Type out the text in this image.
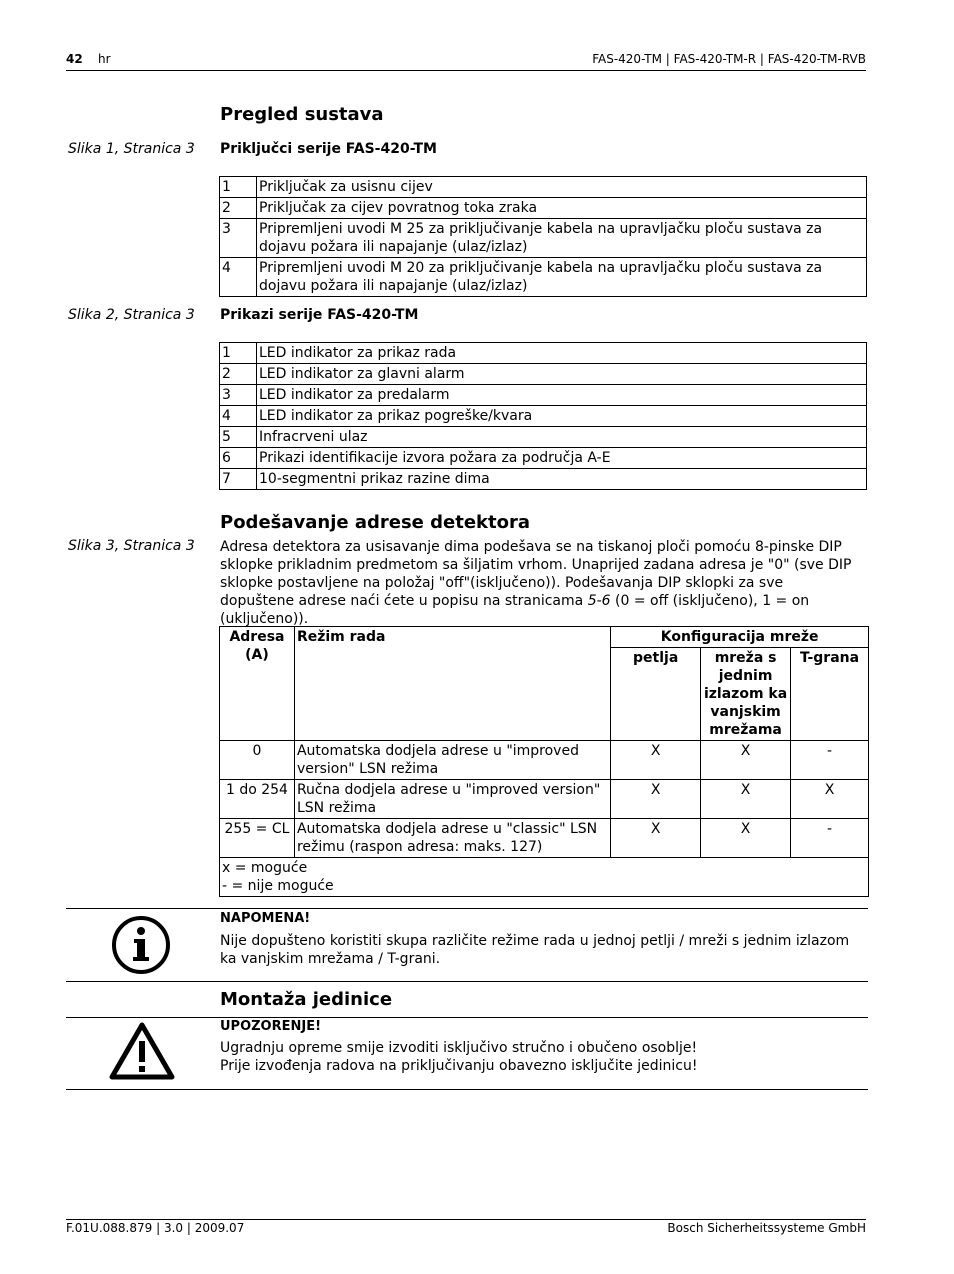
42 hr	FAS-420-TM | FAS-420-TM-R | FAS-420-TM-RVB
Pregled sustava
Slika 1, Stranica 3 Priključci serije FAS-420-TM
1	Priključak za usisnu cijev
2	Priključak za cijev povratnog toka zraka
3	Pripremljeni uvodi M 25 za priključivanje kabela na upravljačku ploču sustava za dojavu požara ili napajanje (ulaz/izlaz)
4	Pripremljeni uvodi M 20 za priključivanje kabela na upravljačku ploču sustava za dojavu požara ili napajanje (ulaz/izlaz)
Slika 2, Stranica 3 Prikazi serije FAS-420-TM
1	LED indikator za prikaz rada
2	LED indikator za glavni alarm
3	LED indikator za predalarm
4	LED indikator za prikaz pogreške/kvara
5	Infracrveni ulaz
6	Prikazi identifikacije izvora požara za područja A-E
7	10-segmentni prikaz razine dima
Podešavanje adrese detektora
Slika 3, Stranica 3 Adresa detektora za usisavanje dima podešava se na tiskanoj ploči pomoću 8-pinske DIP sklopke prikladnim predmetom sa šiljatim vrhom. Unaprijed zadana adresa je "0" (sve DIP sklopke postavljene na položaj "off"(isključeno)). Podešavanja DIP sklopki za sve dopuštene adrese naći ćete u popisu na stranicama 5-6 (0 = off (isključeno), 1 = on (uključeno)).
Adresa (A)	Režim rada	Konfiguracija mreže		
		petlja	mreža s jednim izlazom ka vanjskim mrežama	T-grana
0	Automatska dodjela adrese u "improved version" LSN režima	X	X	-
1 do 254	Ručna dodjela adrese u "improved version" LSN režima	X	X	X
255 = CL	Automatska dodjela adrese u "classic" LSN režimu (raspon adresa: maks. 127)	X	X	-

x = moguće
- = nije moguće				
NAPOMENA!
Nije dopušteno koristiti skupa različite režime rada u jednoj petlji / mreži s jednim izlazom ka vanjskim mrežama / T-grani.
Montaža jedinice
UPOZORENJE!
Ugradnju opreme smije izvoditi isključivo stručno i obučeno osoblje!
Prije izvođenja radova na priključivanju obavezno isključite jedinicu!
F.01U.088.879 | 3.0 | 2009.07	Bosch Sicherheitssysteme GmbH
